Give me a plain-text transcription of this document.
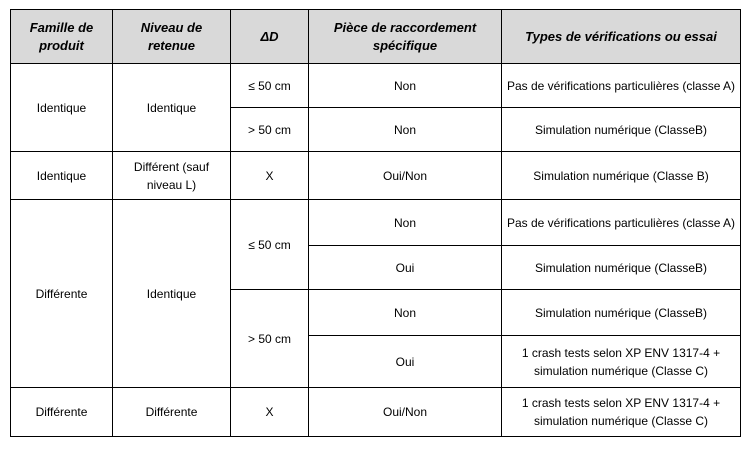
Famille de produit	Niveau de retenue	ΔD	Pièce de raccordement spécifique	Types de vérifications ou essai
Identique	Identique	≤ 50 cm	Non	Pas de vérifications particulières (classe A)
		> 50 cm	Non	Simulation numérique (ClasseB)
Identique	Différent (sauf niveau L)	X	Oui/Non	Simulation numérique (Classe B)
Différente	Identique	≤ 50 cm	Non	Pas de vérifications particulières (classe A)
			Oui	Simulation numérique (ClasseB)
		> 50 cm	Non	Simulation numérique (ClasseB)
			Oui	1 crash tests selon XP ENV 1317-4 + simulation numérique (Classe C)
Différente	Différente	X	Oui/Non	1 crash tests selon XP ENV 1317-4 + simulation numérique (Classe C)
